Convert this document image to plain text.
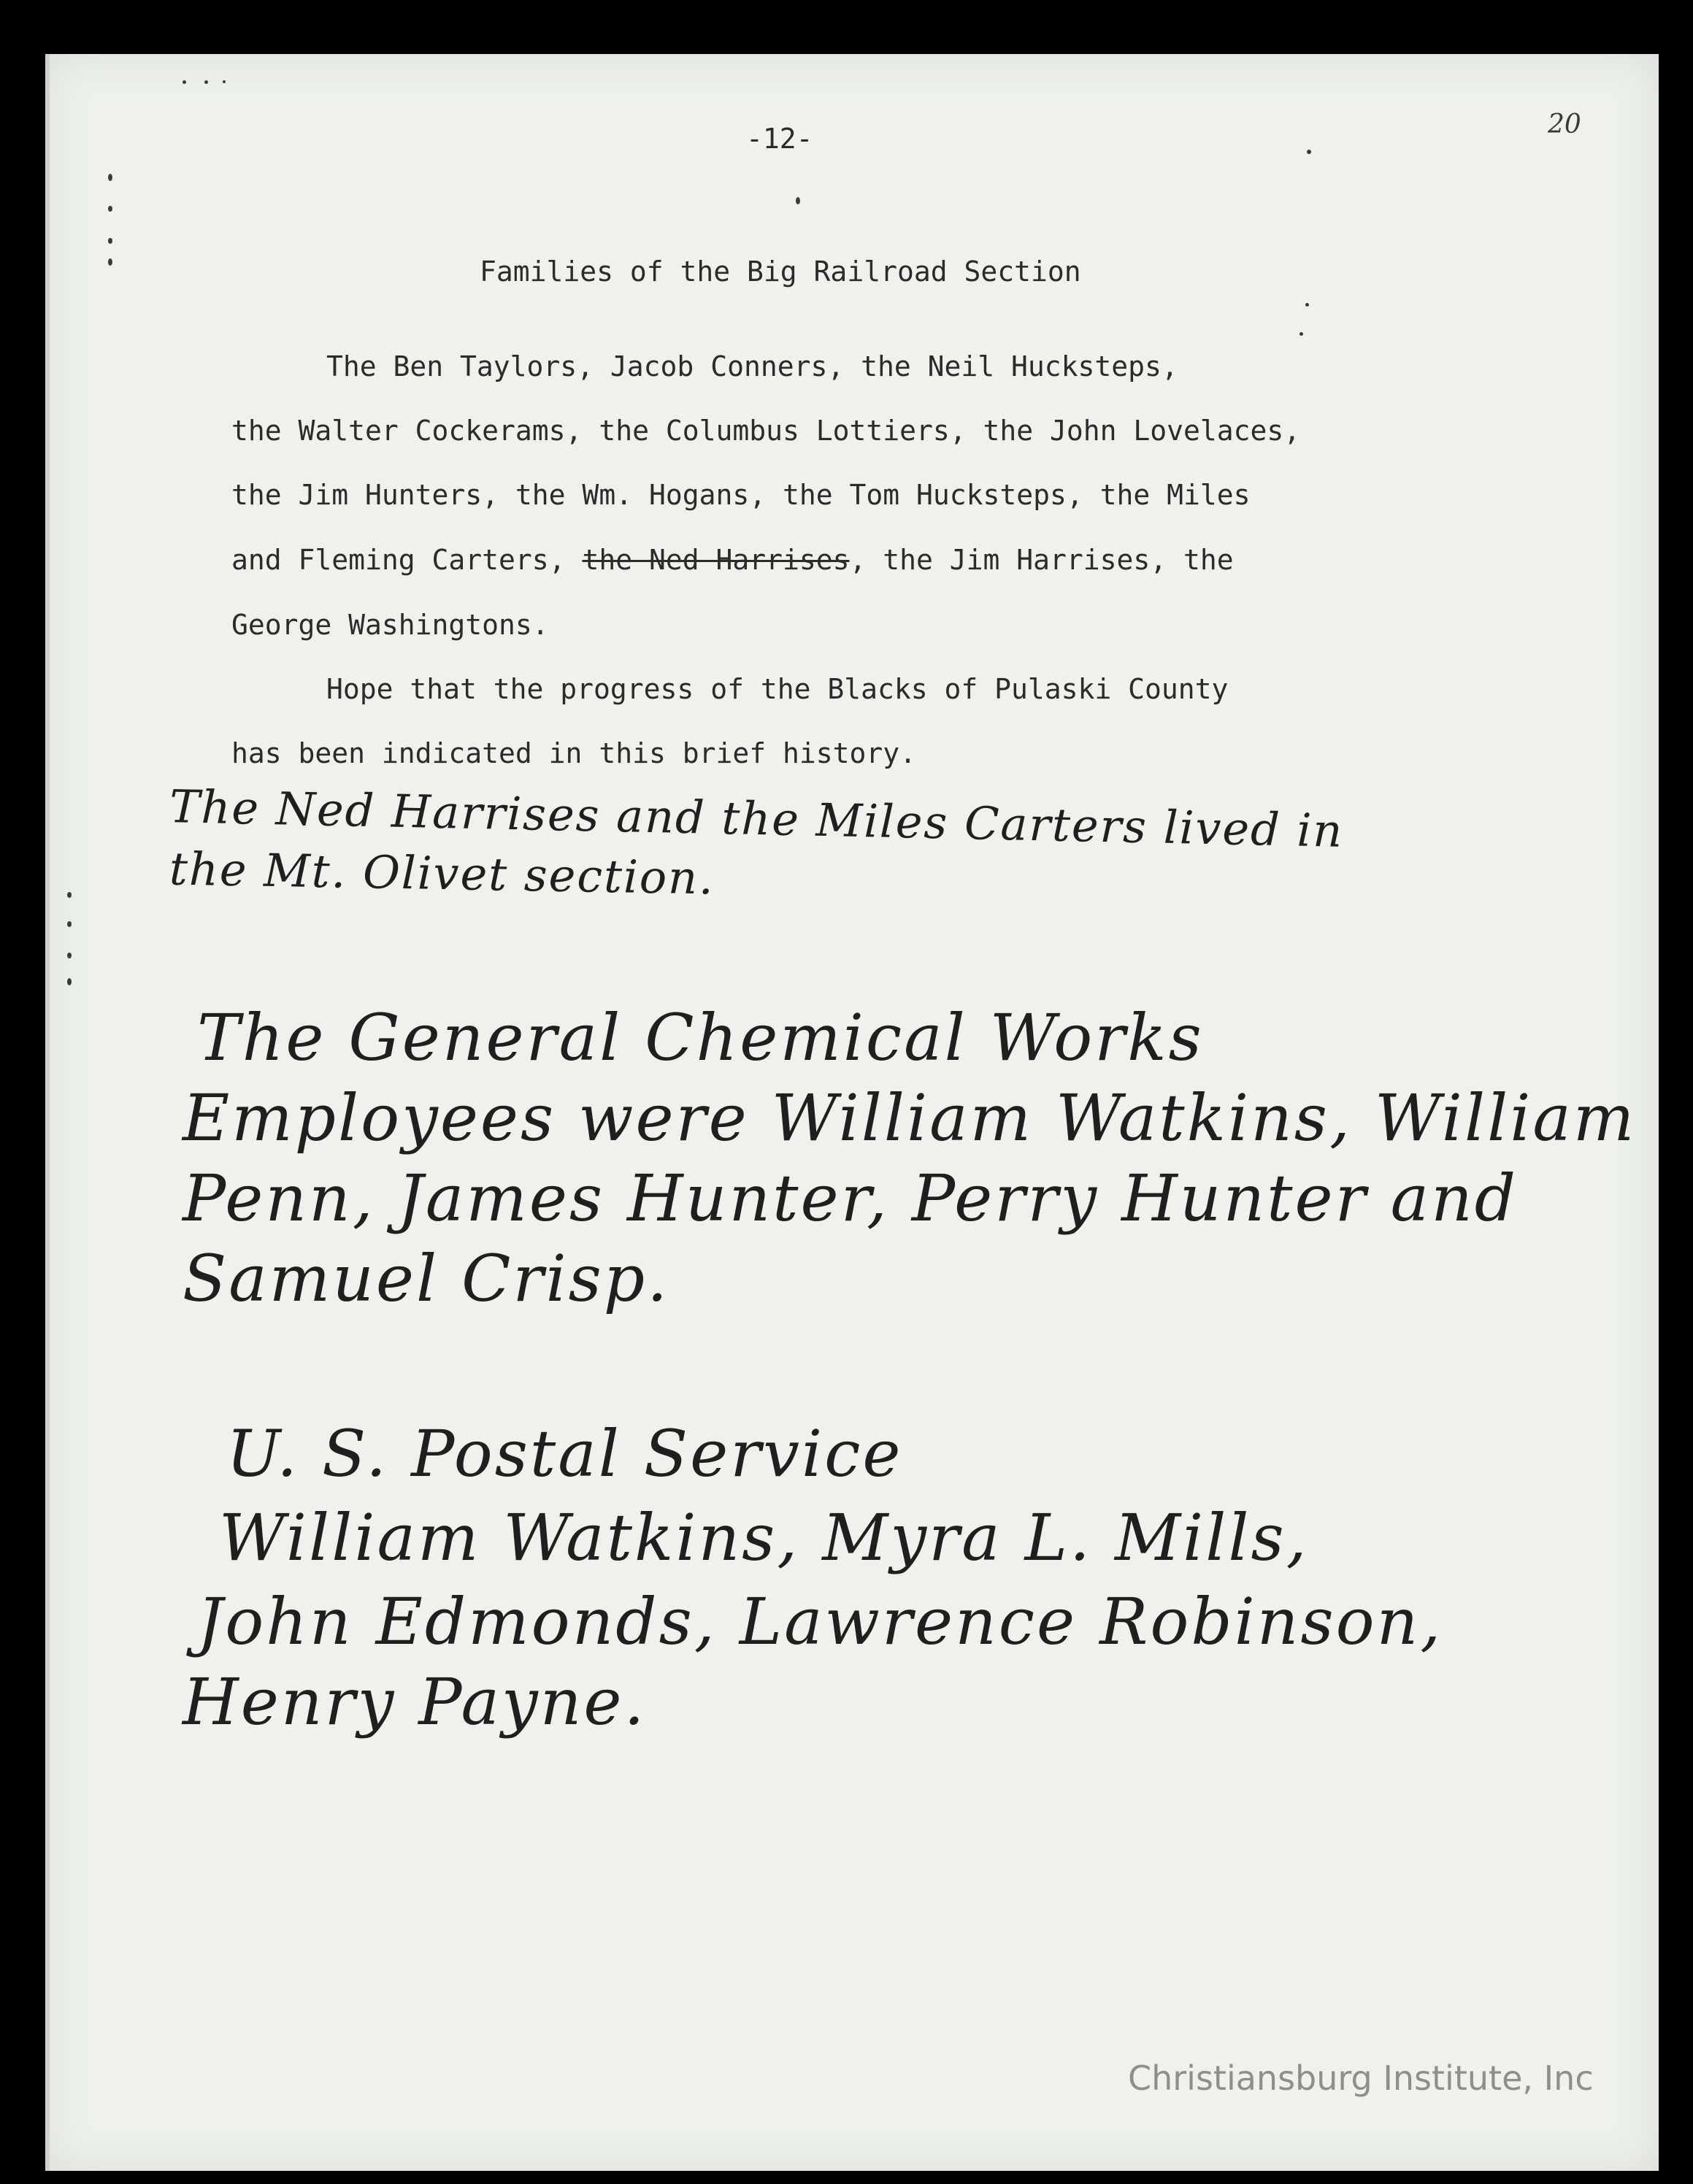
-12-	20
Families of the Big Railroad Section
The Ben Taylors, Jacob Conners, the Neil Hucksteps,
the Walter Cockerams, the Columbus Lottiers, the John Lovelaces,
the Jim Hunters, the Wm. Hogans, the Tom Hucksteps, the Miles
and Fleming Carters, the Ned Harrises, the Jim Harrises, the
George Washingtons.
Hope that the progress of the Blacks of Pulaski County
has been indicated in this brief history.
The Ned Harrises and the Miles Carters lived in
the Mt. Olivet section.
The General Chemical Works
Employees were William Watkins, William
Penn, James Hunter, Perry Hunter and
Samuel Crisp.
U. S. Postal Service
William Watkins, Myra L. Mills,
John Edmonds, Lawrence Robinson,
Henry Payne.
Christiansburg Institute, Inc
